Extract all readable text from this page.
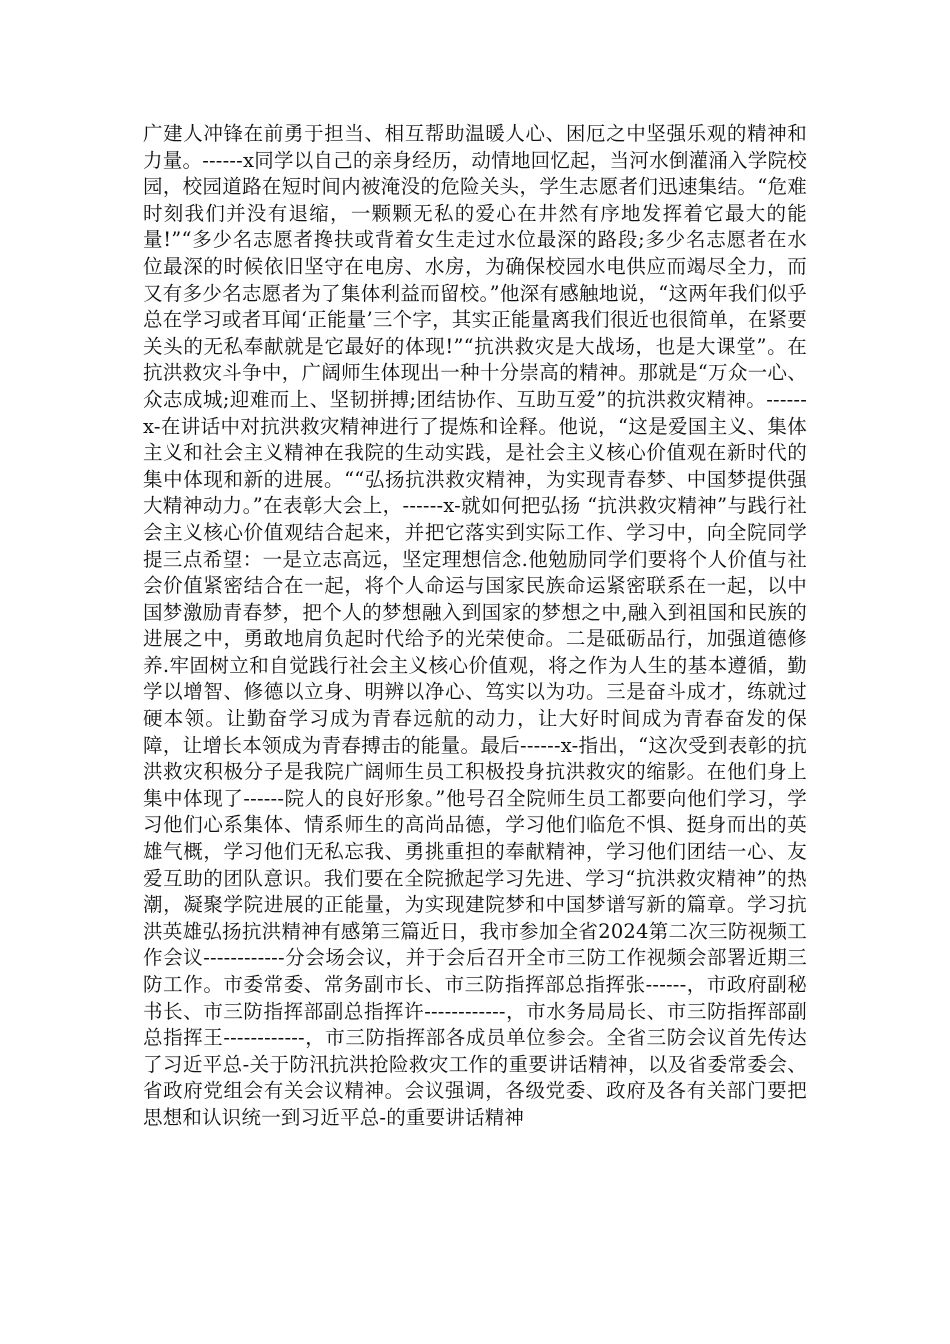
广建人冲锋在前勇于担当、相互帮助温暖人心、困厄之中坚强乐观的精神和力量。------x同学以自己的亲身经历，动情地回忆起，当河水倒灌涌入学院校园，校园道路在短时间内被淹没的危险关头，学生志愿者们迅速集结。“危难时刻我们并没有退缩，一颗颗无私的爱心在井然有序地发挥着它最大的能量!”“多少名志愿者搀扶或背着女生走过水位最深的路段;多少名志愿者在水位最深的时候依旧坚守在电房、水房，为确保校园水电供应而竭尽全力，而又有多少名志愿者为了集体利益而留校。”他深有感触地说，“这两年我们似乎总在学习或者耳闻‘正能量’三个字，其实正能量离我们很近也很简单，在紧要关头的无私奉献就是它最好的体现!”“抗洪救灾是大战场，也是大课堂”。在抗洪救灾斗争中，广阔师生体现出一种十分崇高的精神。那就是“万众一心、众志成城;迎难而上、坚韧拼搏;团结协作、互助互爱”的抗洪救灾精神。------x-在讲话中对抗洪救灾精神进行了提炼和诠释。他说，“这是爱国主义、集体主义和社会主义精神在我院的生动实践，是社会主义核心价值观在新时代的集中体现和新的进展。““弘扬抗洪救灾精神，为实现青春梦、中国梦提供强大精神动力。”在表彰大会上，------x-就如何把弘扬 “抗洪救灾精神”与践行社会主义核心价值观结合起来，并把它落实到实际工作、学习中，向全院同学提三点希望：一是立志高远，坚定理想信念.他勉励同学们要将个人价值与社会价值紧密结合在一起，将个人命运与国家民族命运紧密联系在一起，以中国梦激励青春梦，把个人的梦想融入到国家的梦想之中,融入到祖国和民族的进展之中，勇敢地肩负起时代给予的光荣使命。二是砥砺品行，加强道德修养.牢固树立和自觉践行社会主义核心价值观，将之作为人生的基本遵循，勤学以增智、修德以立身、明辨以净心、笃实以为功。三是奋斗成才，练就过硬本领。让勤奋学习成为青春远航的动力，让大好时间成为青春奋发的保障，让增长本领成为青春搏击的能量。最后------x-指出，“这次受到表彰的抗洪救灾积极分子是我院广阔师生员工积极投身抗洪救灾的缩影。在他们身上集中体现了------院人的良好形象。”他号召全院师生员工都要向他们学习，学习他们心系集体、情系师生的高尚品德，学习他们临危不惧、挺身而出的英雄气概，学习他们无私忘我、勇挑重担的奉献精神，学习他们团结一心、友爱互助的团队意识。我们要在全院掀起学习先进、学习“抗洪救灾精神”的热潮，凝聚学院进展的正能量，为实现建院梦和中国梦谱写新的篇章。学习抗洪英雄弘扬抗洪精神有感第三篇近日，我市参加全省2024第二次三防视频工作会议------------分会场会议，并于会后召开全市三防工作视频会部署近期三防工作。市委常委、常务副市长、市三防指挥部总指挥张------，市政府副秘书长、市三防指挥部副总指挥许------------，市水务局局长、市三防指挥部副总指挥王------------，市三防指挥部各成员单位参会。全省三防会议首先传达了习近平总-关于防汛抗洪抢险救灾工作的重要讲话精神，以及省委常委会、省政府党组会有关会议精神。会议强调，各级党委、政府及各有关部门要把思想和认识统一到习近平总-的重要讲话精神
